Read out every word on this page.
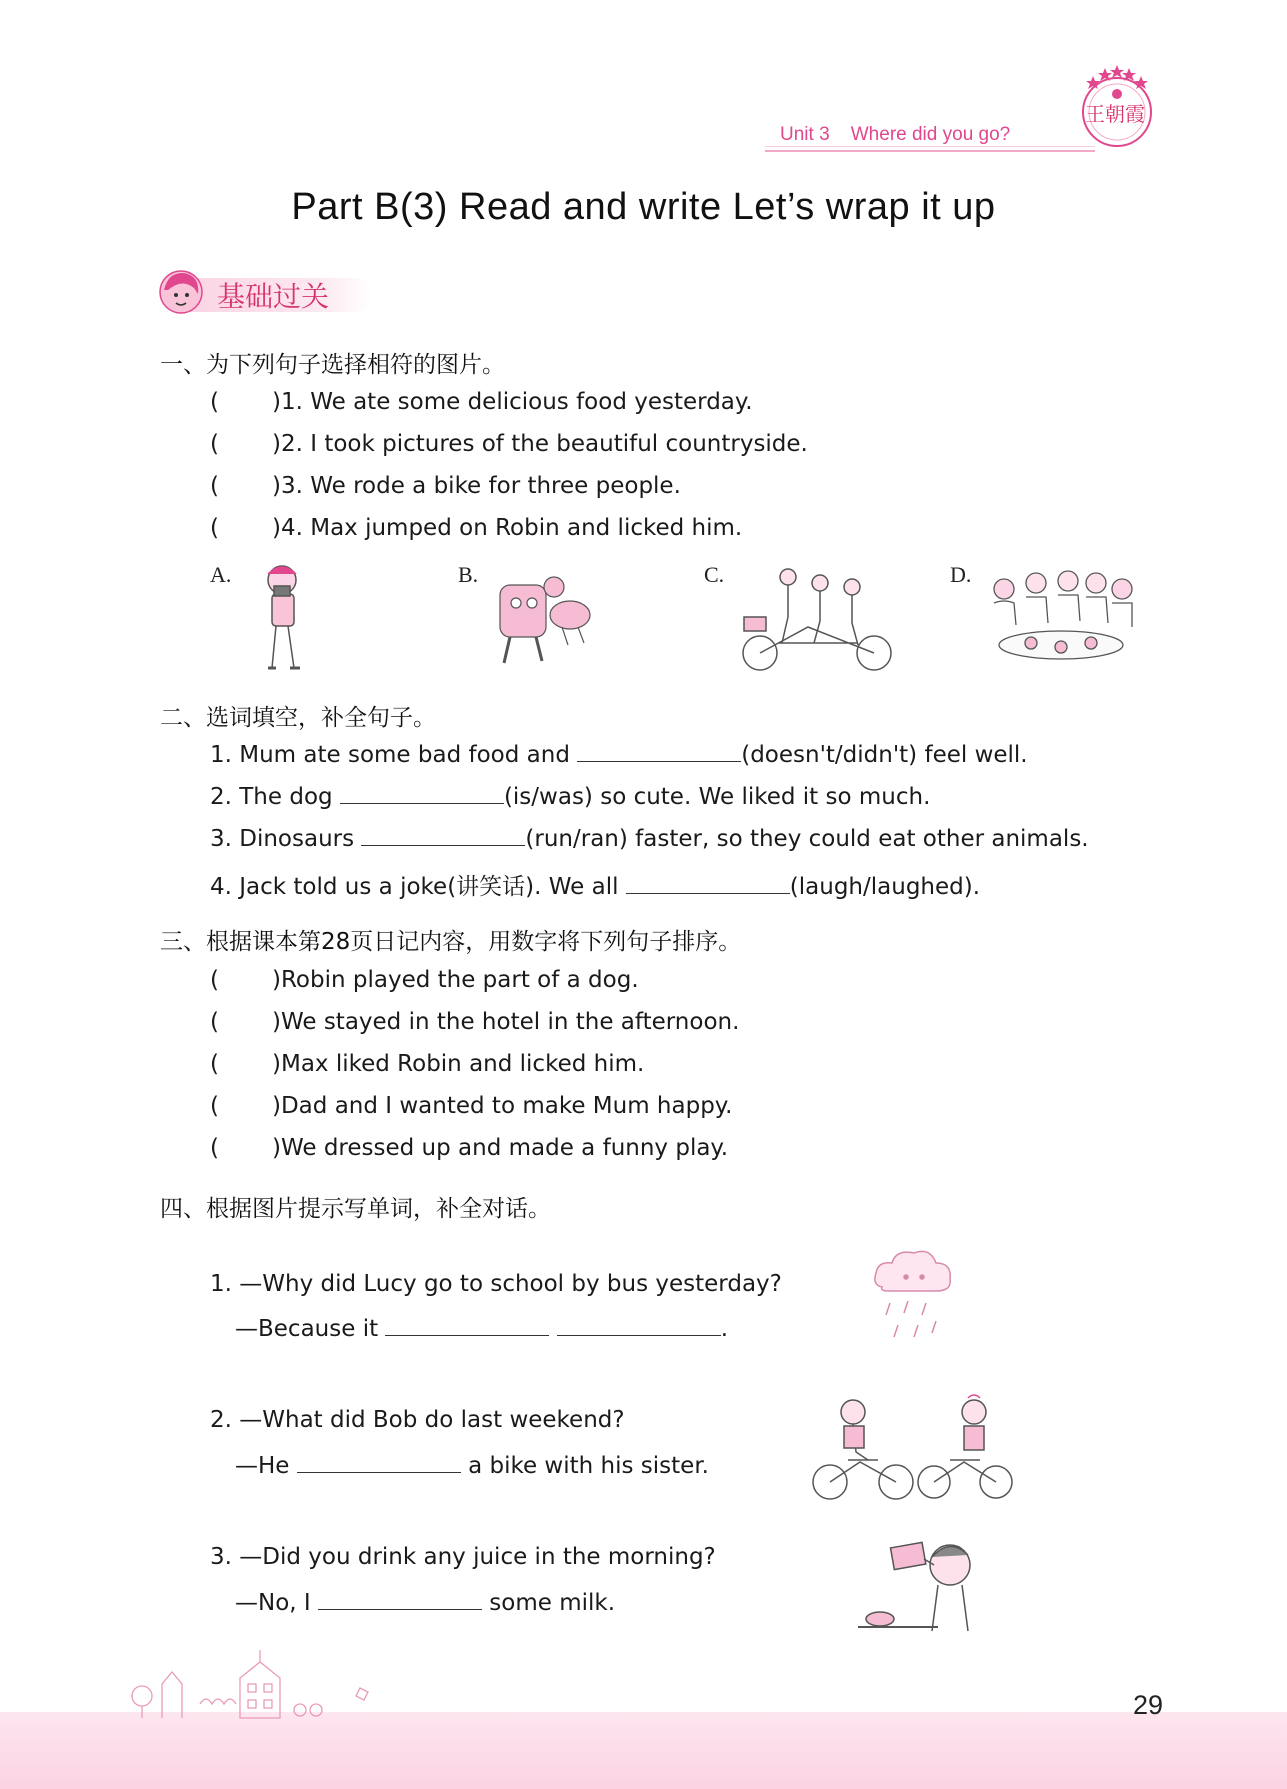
王朝霞
Unit 3    Where did you go?
Part B(3) Read and write Let’s wrap it up
基础过关
一、为下列句子选择相符的图片。
( )1. We ate some delicious food yesterday.
( )2. I took pictures of the beautiful countryside.
( )3. We rode a bike for three people.
( )4. Max jumped on Robin and licked him.
A.	B.	C.	D.
二、选词填空，补全句子。
1. Mum ate some bad food and	(doesn't/didn't) feel well.
2. The dog	(is/was) so cute. We liked it so much.
3. Dinosaurs	(run/ran) faster, so they could eat other animals.
4. Jack told us a joke(讲笑话). We all	(laugh/laughed).
三、根据课本第28页日记内容，用数字将下列句子排序。
( )Robin played the part of a dog.
( )We stayed in the hotel in the afternoon.
( )Max liked Robin and licked him.
( )Dad and I wanted to make Mum happy.
( )We dressed up and made a funny play.
四、根据图片提示写单词，补全对话。
1. —Why did Lucy go to school by bus yesterday?
—Because it	.
2. —What did Bob do last weekend?
—He	a bike with his sister.
3. —Did you drink any juice in the morning?
—No, I	some milk.
29
